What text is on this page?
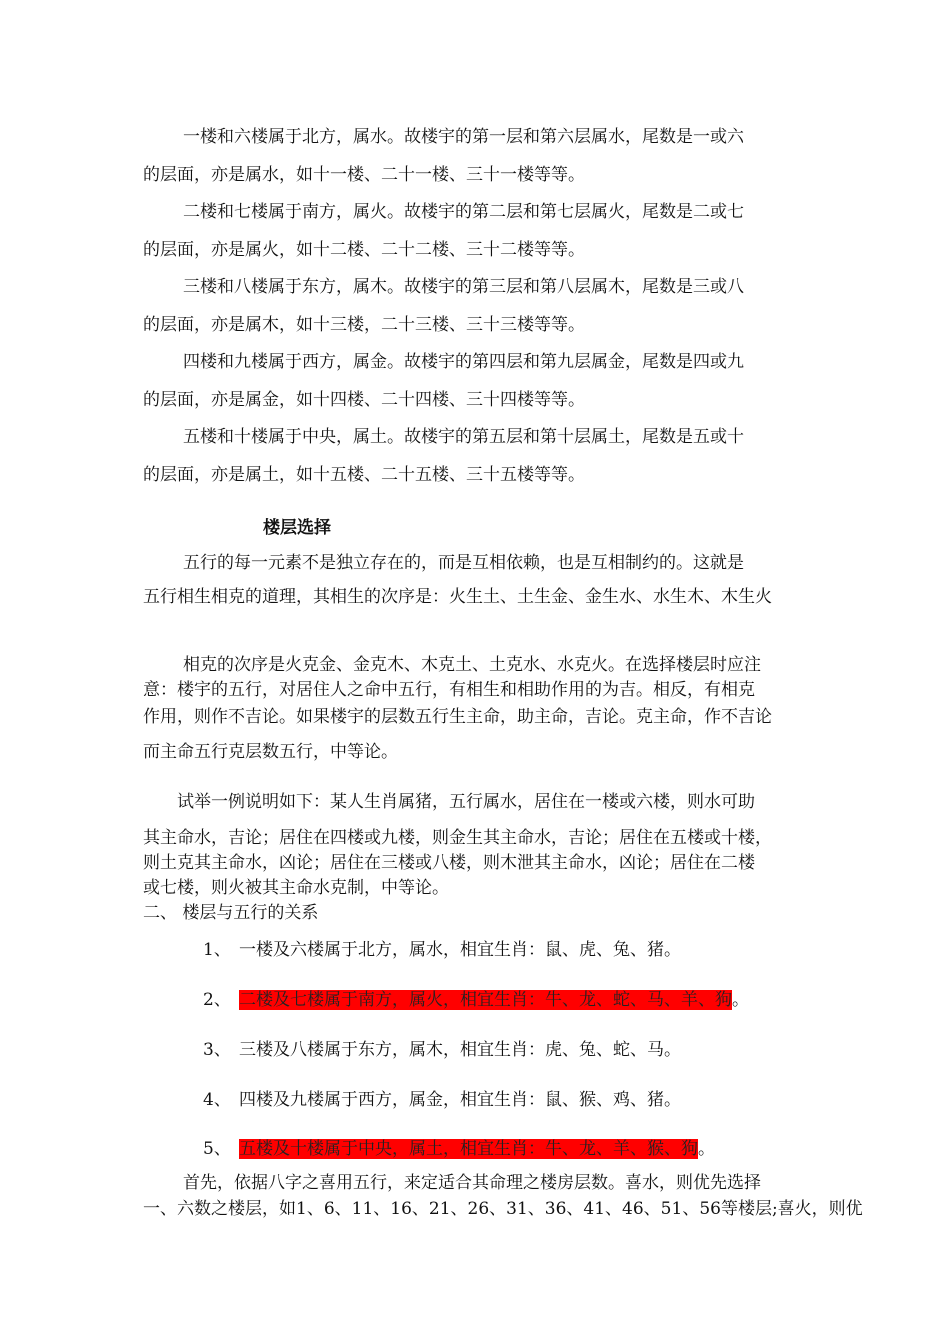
一楼和六楼属于北方，属水。故楼宇的第一层和第六层属水，尾数是一或六
的层面，亦是属水，如十一楼、二十一楼、三十一楼等等。
二楼和七楼属于南方，属火。故楼宇的第二层和第七层属火，尾数是二或七
的层面，亦是属火，如十二楼、二十二楼、三十二楼等等。
三楼和八楼属于东方，属木。故楼宇的第三层和第八层属木，尾数是三或八
的层面，亦是属木，如十三楼，二十三楼、三十三楼等等。
四楼和九楼属于西方，属金。故楼宇的第四层和第九层属金，尾数是四或九
的层面，亦是属金，如十四楼、二十四楼、三十四楼等等。
五楼和十楼属于中央，属土。故楼宇的第五层和第十层属土，尾数是五或十
的层面，亦是属土，如十五楼、二十五楼、三十五楼等等。
楼层选择
五行的每一元素不是独立存在的，而是互相依赖，也是互相制约的。这就是
五行相生相克的道理，其相生的次序是：火生土、土生金、金生水、水生木、木生火
相克的次序是火克金、金克木、木克土、土克水、水克火。在选择楼层时应注
意：楼宇的五行，对居住人之命中五行，有相生和相助作用的为吉。相反，有相克
作用，则作不吉论。如果楼宇的层数五行生主命，助主命，吉论。克主命，作不吉论
而主命五行克层数五行，中等论。
试举一例说明如下：某人生肖属猪，五行属水，居住在一楼或六楼，则水可助
其主命水，吉论；居住在四楼或九楼，则金生其主命水，吉论；居住在五楼或十楼，
则土克其主命水，凶论；居住在三楼或八楼，则木泄其主命水，凶论；居住在二楼
或七楼，则火被其主命水克制，中等论。
二、 楼层与五行的关系
1、 一楼及六楼属于北方，属水，相宜生肖：鼠、虎、兔、猪。
2、 二楼及七楼属于南方，属火，相宜生肖：牛、龙、蛇、马、羊、狗。
3、 三楼及八楼属于东方，属木，相宜生肖：虎、兔、蛇、马。
4、 四楼及九楼属于西方，属金，相宜生肖：鼠、猴、鸡、猪。
5、 五楼及十楼属于中央，属土，相宜生肖：牛、龙、羊、猴、狗。
首先，依据八字之喜用五行，来定适合其命理之楼房层数。喜水，则优先选择
一、六数之楼层，如1、6、11、16、21、26、31、36、41、46、51、56等楼层;喜火，则优
